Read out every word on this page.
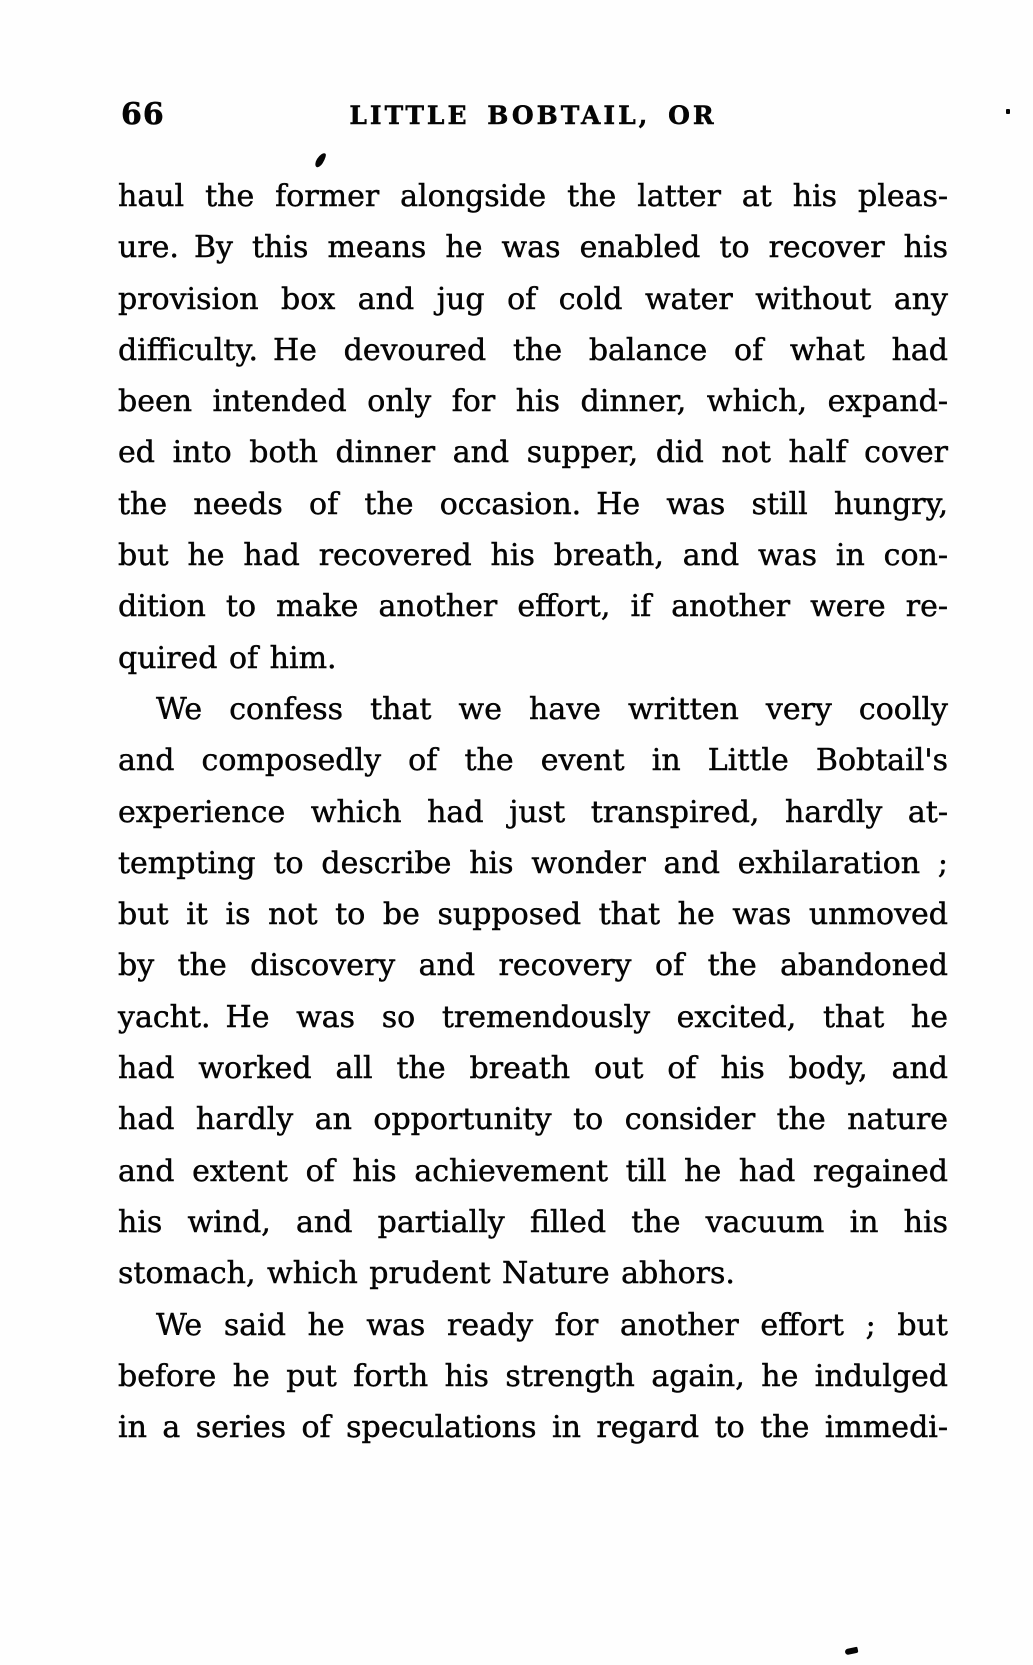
66	LITTLE BOBTAIL, OR
haul the former alongside the latter at his pleas-
ure. By this means he was enabled to recover his
provision box and jug of cold water without any
difficulty. He devoured the balance of what had
been intended only for his dinner, which, expand-
ed into both dinner and supper, did not half cover
the needs of the occasion. He was still hungry,
but he had recovered his breath, and was in con-
dition to make another effort, if another were re-
quired of him.
We confess that we have written very coolly
and composedly of the event in Little Bobtail's
experience which had just transpired, hardly at-
tempting to describe his wonder and exhilaration ;
but it is not to be supposed that he was unmoved
by the discovery and recovery of the abandoned
yacht. He was so tremendously excited, that he
had worked all the breath out of his body, and
had hardly an opportunity to consider the nature
and extent of his achievement till he had regained
his wind, and partially filled the vacuum in his
stomach, which prudent Nature abhors.
We said he was ready for another effort ; but
before he put forth his strength again, he indulged
in a series of speculations in regard to the immedi-
